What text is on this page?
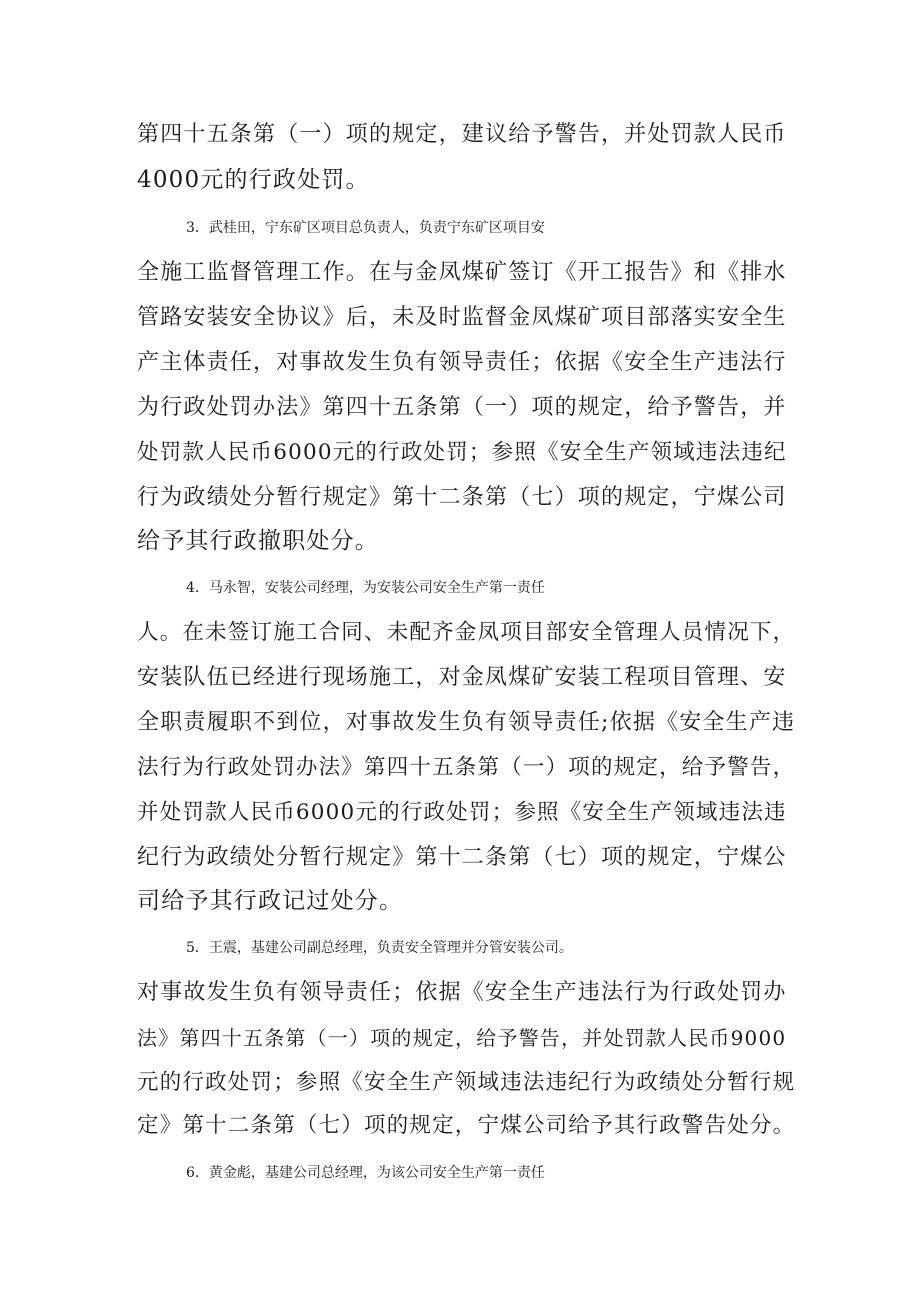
第四十五条第（一）项的规定，建议给予警告，并处罚款人民币
4000元的行政处罚。
3．武桂田，宁东矿区项目总负责人，负责宁东矿区项目安
全施工监督管理工作。在与金凤煤矿签订《开工报告》和《排水
管路安装安全协议》后，未及时监督金凤煤矿项目部落实安全生
产主体责任，对事故发生负有领导责任；依据《安全生产违法行
为行政处罚办法》第四十五条第（一）项的规定，给予警告，并
处罚款人民币6000元的行政处罚；参照《安全生产领域违法违纪
行为政绩处分暂行规定》第十二条第（七）项的规定，宁煤公司
给予其行政撤职处分。
4．马永智，安装公司经理，为安装公司安全生产第一责任
人。在未签订施工合同、未配齐金凤项目部安全管理人员情况下，
安装队伍已经进行现场施工，对金凤煤矿安装工程项目管理、安
全职责履职不到位，对事故发生负有领导责任;依据《安全生产违
法行为行政处罚办法》第四十五条第（一）项的规定，给予警告，
并处罚款人民币6000元的行政处罚；参照《安全生产领域违法违
纪行为政绩处分暂行规定》第十二条第（七）项的规定，宁煤公
司给予其行政记过处分。
5．王震，基建公司副总经理，负责安全管理并分管安装公司。
对事故发生负有领导责任；依据《安全生产违法行为行政处罚办
法》第四十五条第（一）项的规定，给予警告，并处罚款人民币9000
元的行政处罚；参照《安全生产领域违法违纪行为政绩处分暂行规
定》第十二条第（七）项的规定，宁煤公司给予其行政警告处分。
6．黄金彪，基建公司总经理，为该公司安全生产第一责任
